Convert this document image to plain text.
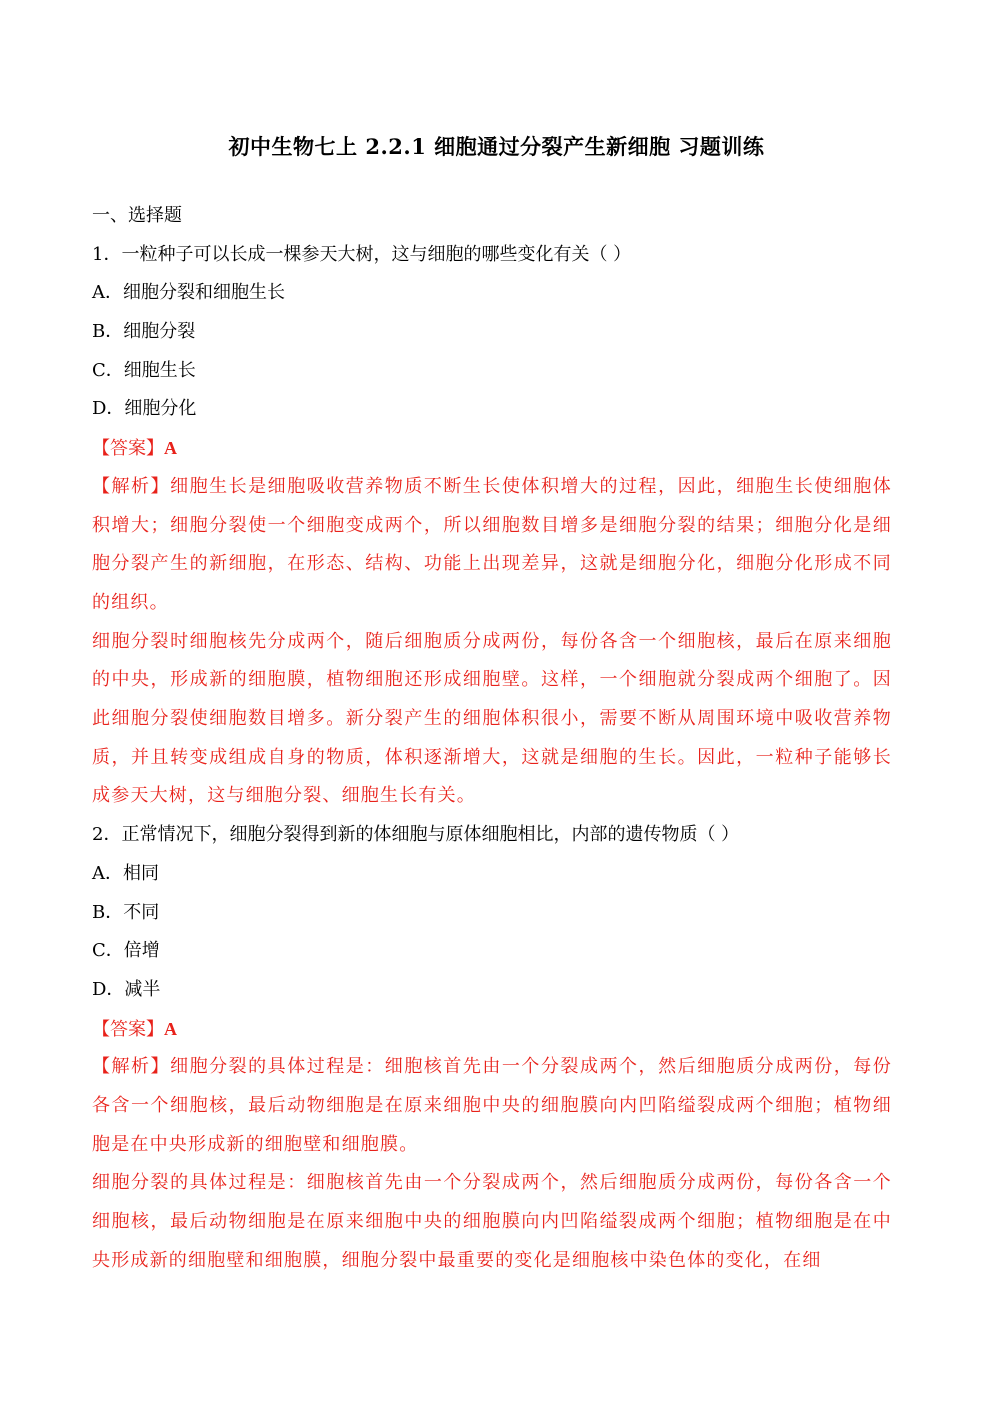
初中生物七上 2.2.1 细胞通过分裂产生新细胞 习题训练
一、选择题
1．一粒种子可以长成一棵参天大树，这与细胞的哪些变化有关（ ）
A．细胞分裂和细胞生长
B．细胞分裂
C．细胞生长
D．细胞分化
【答案】A
【解析】细胞生长是细胞吸收营养物质不断生长使体积增大的过程，因此，细胞生长使细胞体积增大；细胞分裂使一个细胞变成两个，所以细胞数目增多是细胞分裂的结果；细胞分化是细胞分裂产生的新细胞，在形态、结构、功能上出现差异，这就是细胞分化，细胞分化形成不同的组织。
细胞分裂时细胞核先分成两个，随后细胞质分成两份，每份各含一个细胞核，最后在原来细胞的中央，形成新的细胞膜，植物细胞还形成细胞壁。这样，一个细胞就分裂成两个细胞了。因此细胞分裂使细胞数目增多。新分裂产生的细胞体积很小，需要不断从周围环境中吸收营养物质，并且转变成组成自身的物质，体积逐渐增大，这就是细胞的生长。因此，一粒种子能够长成参天大树，这与细胞分裂、细胞生长有关。
2．正常情况下，细胞分裂得到新的体细胞与原体细胞相比，内部的遗传物质（ ）
A．相同
B．不同
C．倍增
D．减半
【答案】A
【解析】细胞分裂的具体过程是：细胞核首先由一个分裂成两个，然后细胞质分成两份，每份各含一个细胞核，最后动物细胞是在原来细胞中央的细胞膜向内凹陷缢裂成两个细胞；植物细胞是在中央形成新的细胞壁和细胞膜。
细胞分裂的具体过程是：细胞核首先由一个分裂成两个，然后细胞质分成两份，每份各含一个细胞核，最后动物细胞是在原来细胞中央的细胞膜向内凹陷缢裂成两个细胞；植物细胞是在中央形成新的细胞壁和细胞膜，细胞分裂中最重要的变化是细胞核中染色体的变化，在细
